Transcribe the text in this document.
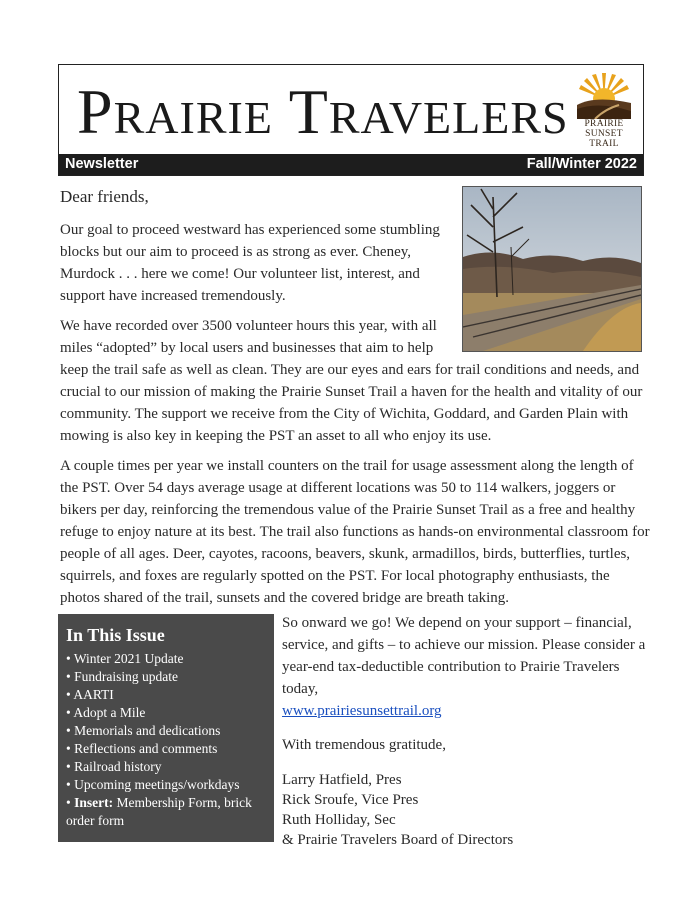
PRAIRIE TRAVELERS	PRAIRIE
SUNSET
TRAIL
Newsletter	Fall/Winter 2022
Dear friends,
Our goal to proceed westward has experienced some stumbling blocks but our aim to proceed is as strong as ever. Cheney, Murdock . . . here we come! Our volunteer list, interest, and support have increased tremendously.
We have recorded over 3500 volunteer hours this year, with all miles “adopted” by local users and businesses that aim to help keep the trail safe as well as clean. They are our eyes and ears for trail conditions and needs, and crucial to our mission of making the Prairie Sunset Trail a haven for the health and vitality of our community. The support we receive from the City of Wichita, Goddard, and Garden Plain with mowing is also key in keeping the PST an asset to all who enjoy its use.
A couple times per year we install counters on the trail for usage assessment along the length of the PST. Over 54 days average usage at different locations was 50 to 114 walkers, joggers or bikers per day, reinforcing the tremendous value of the Prairie Sunset Trail as a free and healthy refuge to enjoy nature at its best. The trail also functions as hands-on environmental classroom for people of all ages. Deer, cayotes, racoons, beavers, skunk, armadillos, birds, butterflies, turtles, squirrels, and foxes are regularly spotted on the PST. For local photography enthusiasts, the photos shared of the trail, sunsets and the covered bridge are breath taking.
In This Issue
• Winter 2021 Update
• Fundraising update
• AARTI
• Adopt a Mile
• Memorials and dedications
• Reflections and comments
• Railroad history
• Upcoming meetings/workdays
• Insert: Membership Form, brick order form

So onward we go! We depend on your support – financial, service, and gifts – to achieve our mission. Please consider a year-end tax-deductible contribution to Prairie Travelers today,
www.prairiesunsettrail.org

With tremendous gratitude,

Larry Hatfield, Pres
Rick Sroufe, Vice Pres
Ruth Holliday, Sec
& Prairie Travelers Board of Directors
